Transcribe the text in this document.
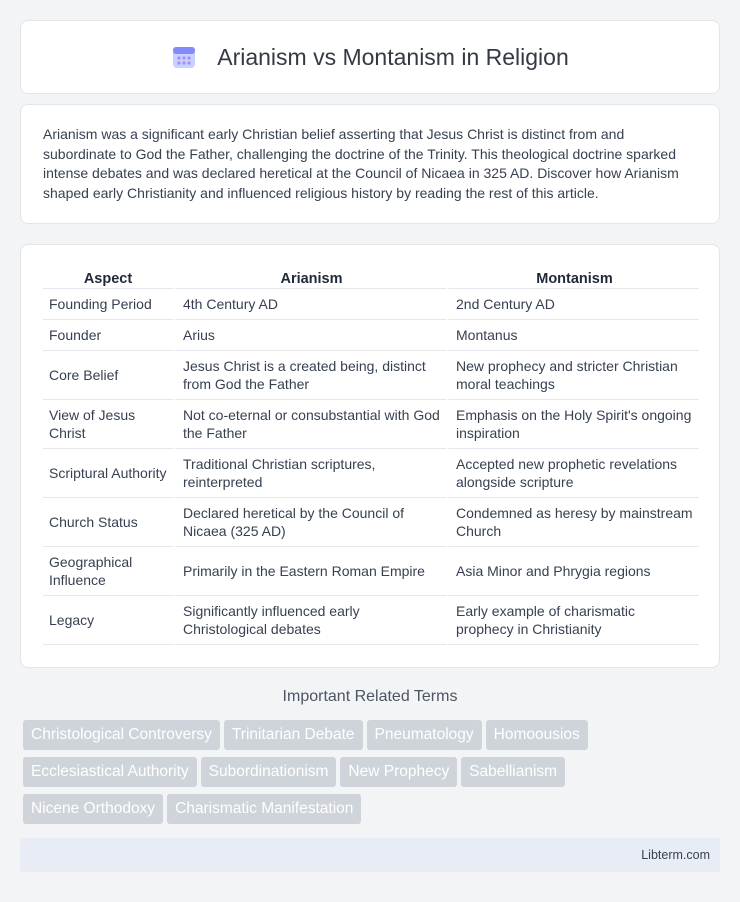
Arianism vs Montanism in Religion

Arianism was a significant early Christian belief asserting that Jesus Christ is distinct from and subordinate to God the Father, challenging the doctrine of the Trinity. This theological doctrine sparked intense debates and was declared heretical at the Council of Nicaea in 325 AD. Discover how Arianism shaped early Christianity and influenced religious history by reading the rest of this article.

Aspect	Arianism	Montanism
Founding Period	4th Century AD	2nd Century AD
Founder	Arius	Montanus
Core Belief	Jesus Christ is a created being, distinct from God the Father	New prophecy and stricter Christian moral teachings
View of Jesus Christ	Not co-eternal or consubstantial with God the Father	Emphasis on the Holy Spirit's ongoing inspiration
Scriptural Authority	Traditional Christian scriptures, reinterpreted	Accepted new prophetic revelations alongside scripture
Church Status	Declared heretical by the Council of Nicaea (325 AD)	Condemned as heresy by mainstream Church
Geographical Influence	Primarily in the Eastern Roman Empire	Asia Minor and Phrygia regions
Legacy	Significantly influenced early Christological debates	Early example of charismatic prophecy in Christianity
Important Related Terms
Christological Controversy Trinitarian Debate Pneumatology Homoousios
Ecclesiastical Authority Subordinationism New Prophecy Sabellianism
Nicene Orthodoxy Charismatic Manifestation
Libterm.com
